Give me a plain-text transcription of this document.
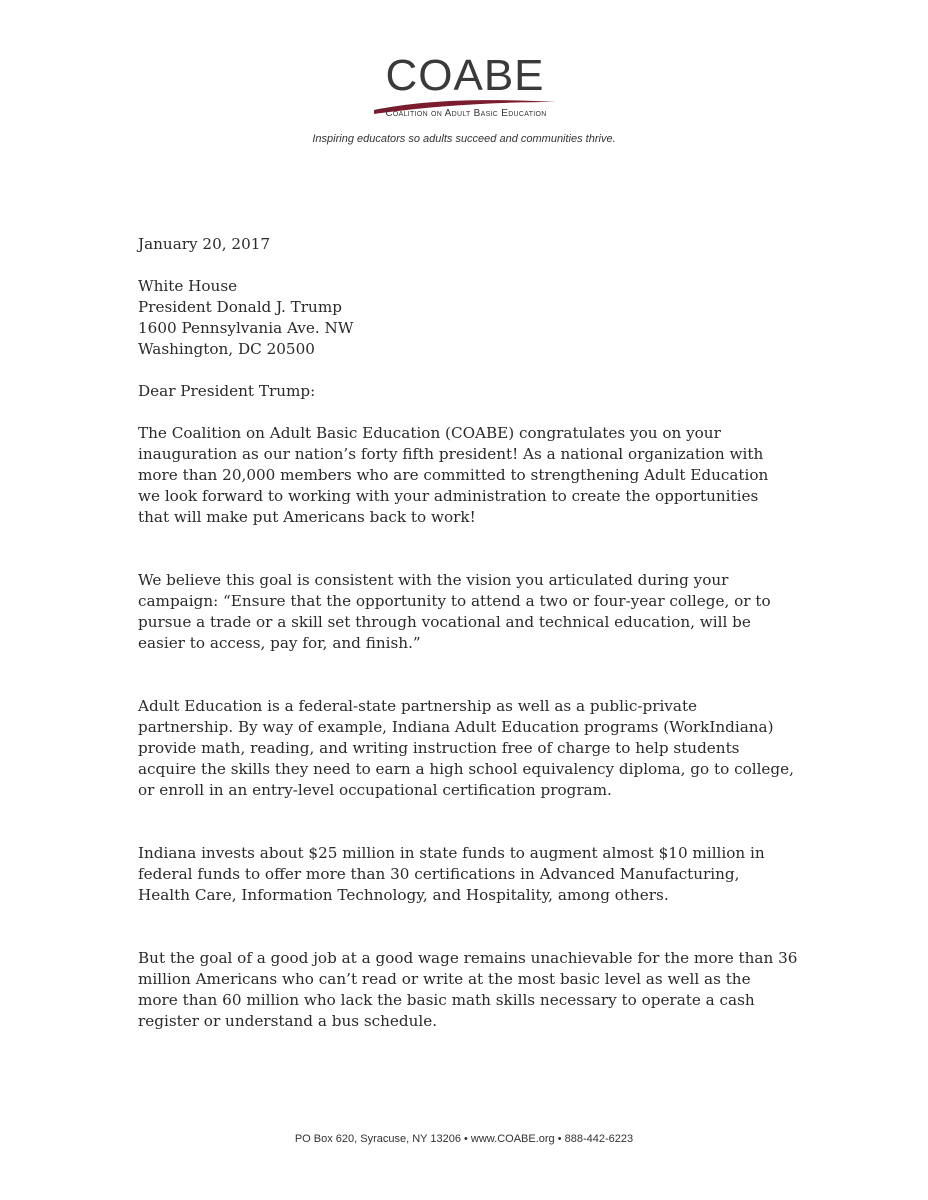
COABE
Coalition on Adult Basic Education
Inspiring educators so adults succeed and communities thrive.

January 20, 2017

White House
President Donald J. Trump
1600 Pennsylvania Ave. NW
Washington, DC 20500

Dear President Trump:

The Coalition on Adult Basic Education (COABE) congratulates you on your
inauguration as our nation’s forty fifth president! As a national organization with
more than 20,000 members who are committed to strengthening Adult Education
we look forward to working with your administration to create the opportunities
that will make put Americans back to work!
We believe this goal is consistent with the vision you articulated during your
campaign: “Ensure that the opportunity to attend a two or four-year college, or to
pursue a trade or a skill set through vocational and technical education, will be
easier to access, pay for, and finish.”
Adult Education is a federal-state partnership as well as a public-private
partnership. By way of example, Indiana Adult Education programs (WorkIndiana)
provide math, reading, and writing instruction free of charge to help students
acquire the skills they need to earn a high school equivalency diploma, go to college,
or enroll in an entry-level occupational certification program.
Indiana invests about $25 million in state funds to augment almost $10 million in
federal funds to offer more than 30 certifications in Advanced Manufacturing,
Health Care, Information Technology, and Hospitality, among others.
But the goal of a good job at a good wage remains unachievable for the more than 36
million Americans who can’t read or write at the most basic level as well as the
more than 60 million who lack the basic math skills necessary to operate a cash
register or understand a bus schedule.
PO Box 620, Syracuse, NY 13206 • www.COABE.org • 888-442-6223
